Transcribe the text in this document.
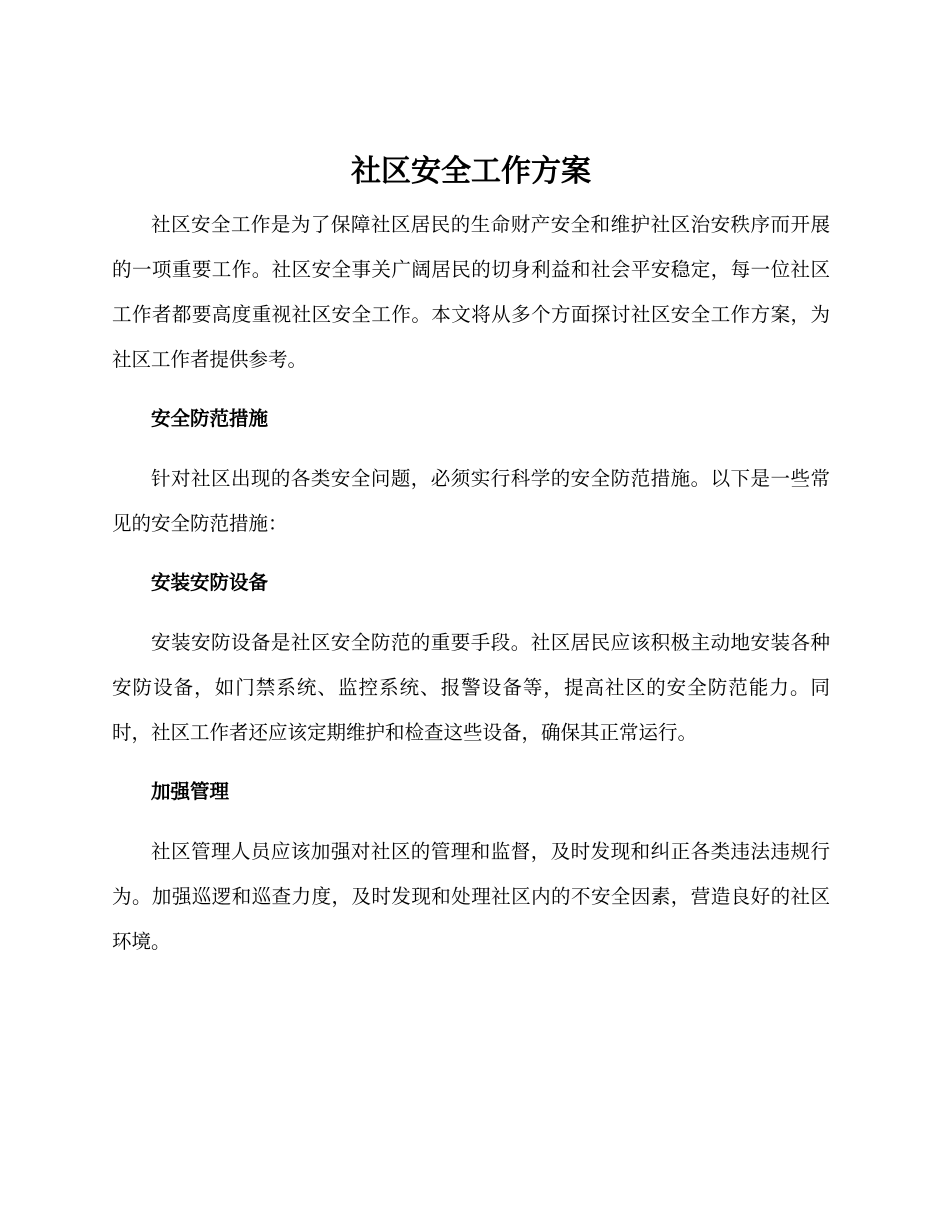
社区安全工作方案

社区安全工作是为了保障社区居民的生命财产安全和维护社区治安秩序而开展的一项重要工作。社区安全事关广阔居民的切身利益和社会平安稳定，每一位社区工作者都要高度重视社区安全工作。本文将从多个方面探讨社区安全工作方案，为社区工作者提供参考。

安全防范措施

针对社区出现的各类安全问题，必须实行科学的安全防范措施。以下是一些常见的安全防范措施：

安装安防设备

安装安防设备是社区安全防范的重要手段。社区居民应该积极主动地安装各种安防设备，如门禁系统、监控系统、报警设备等，提高社区的安全防范能力。同时，社区工作者还应该定期维护和检查这些设备，确保其正常运行。

加强管理

社区管理人员应该加强对社区的管理和监督，及时发现和纠正各类违法违规行为。加强巡逻和巡查力度，及时发现和处理社区内的不安全因素，营造良好的社区环境。
